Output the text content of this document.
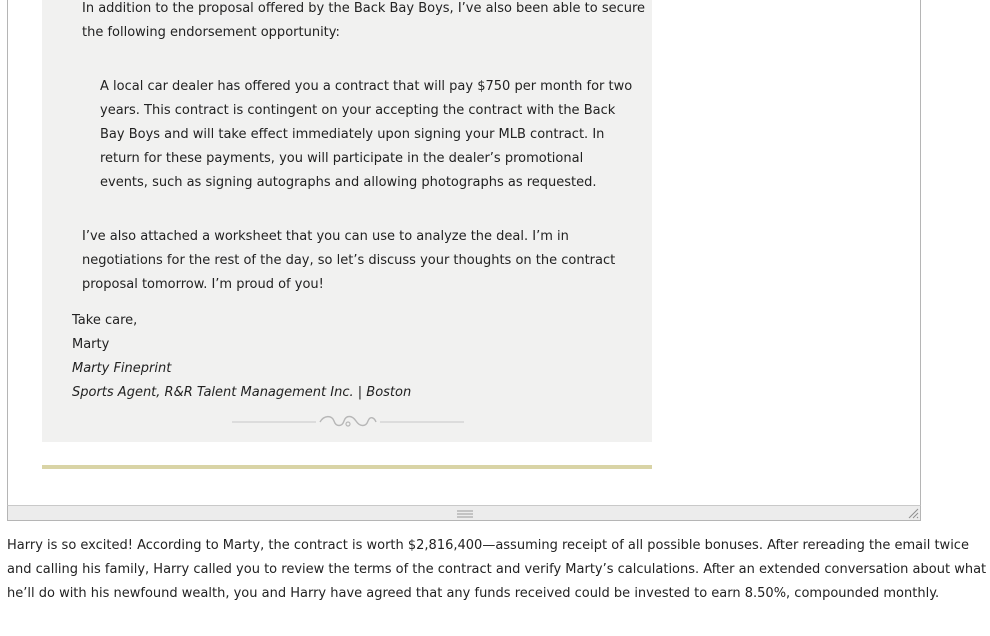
In addition to the proposal offered by the Back Bay Boys, I’ve also been able to secure
the following endorsement opportunity:

A local car dealer has offered you a contract that will pay $750 per month for two
years. This contract is contingent on your accepting the contract with the Back
Bay Boys and will take effect immediately upon signing your MLB contract. In
return for these payments, you will participate in the dealer’s promotional
events, such as signing autographs and allowing photographs as requested.

I’ve also attached a worksheet that you can use to analyze the deal. I’m in
negotiations for the rest of the day, so let’s discuss your thoughts on the contract
proposal tomorrow. I’m proud of you!

Take care,
Marty
Marty Fineprint
Sports Agent, R&R Talent Management Inc. | Boston

Harry is so excited! According to Marty, the contract is worth $2,816,400—assuming receipt of all possible bonuses. After rereading the email twice
and calling his family, Harry called you to review the terms of the contract and verify Marty’s calculations. After an extended conversation about what
he’ll do with his newfound wealth, you and Harry have agreed that any funds received could be invested to earn 8.50%, compounded monthly.
